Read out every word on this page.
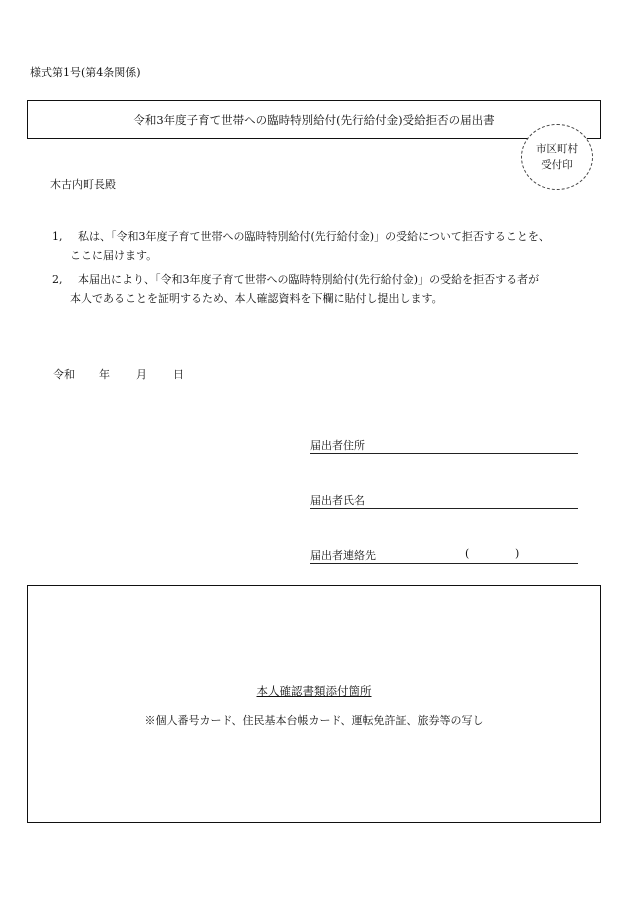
様式第1号(第4条関係)
令和3年度子育て世帯への臨時特別給付(先行給付金)受給拒否の届出書
市区町村
受付印
木古内町長殿
1, 私は、「令和3年度子育て世帯への臨時特別給付(先行給付金)」の受給について拒否することを、
ここに届けます。
2, 本届出により、「令和3年度子育て世帯への臨時特別給付(先行給付金)」の受給を拒否する者が
本人であることを証明するため、本人確認資料を下欄に貼付し提出します。
令和 年 月 日
届出者住所
届出者氏名
届出者連絡先	(	)
本人確認書類添付箇所
※個人番号カード、住民基本台帳カード、運転免許証、旅券等の写し
